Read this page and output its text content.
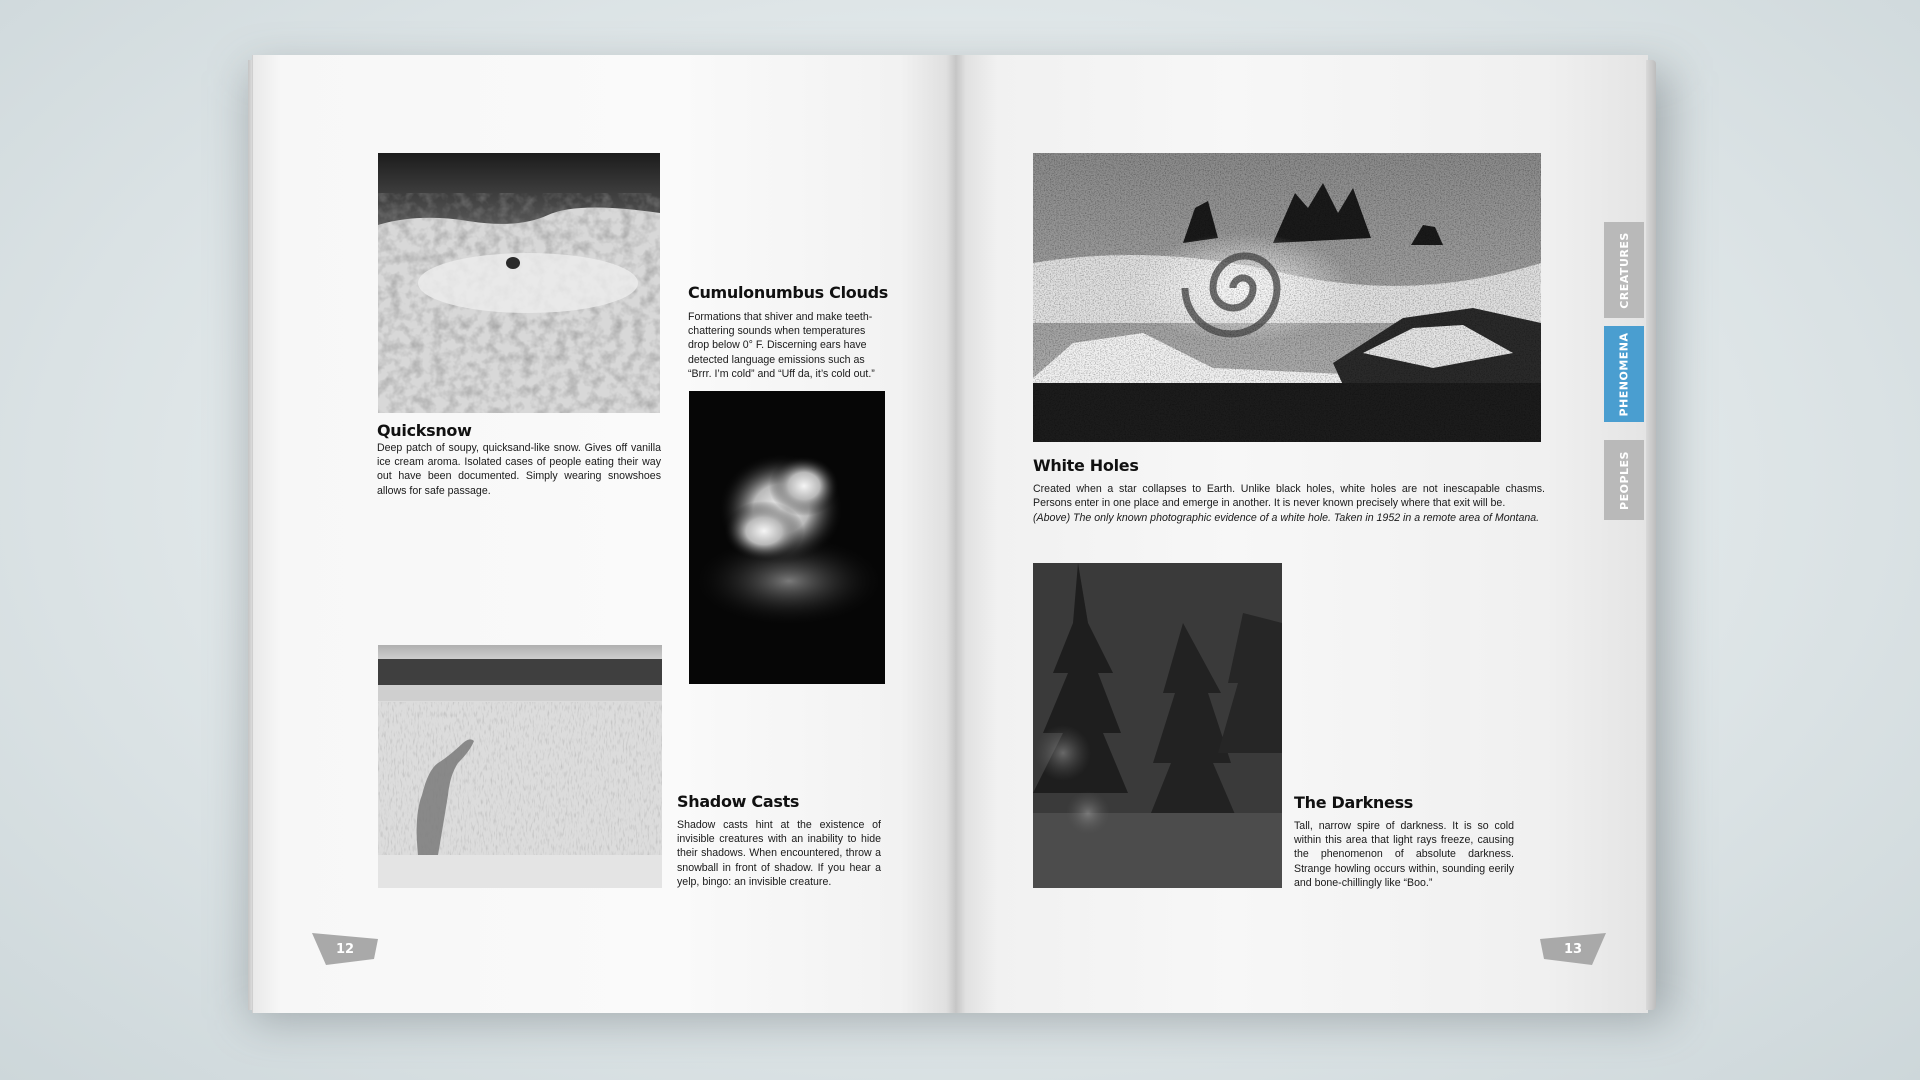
Quicksnow

Deep patch of soupy, quicksand-like snow. Gives off vanilla ice cream aroma. Isolated cases of people eating their way out have been documented. Simply wearing snowshoes allows for safe passage.

Cumulonumbus Clouds

Formations that shiver and make teeth-chattering sounds when temperatures drop below 0° F. Discerning ears have detected language emissions such as “Brrr. I’m cold” and “Uff da, it’s cold out.”

Shadow Casts

Shadow casts hint at the existence of invisible creatures with an inability to hide their shadows. When encountered, throw a snowball in front of shadow. If you hear a yelp, bingo: an invisible creature.

12
White Holes

Created when a star collapses to Earth. Unlike black holes, white holes are not inescapable chasms. Persons enter in one place and emerge in another. It is never known precisely where that exit will be.

(Above) The only known photographic evidence of a white hole. Taken in 1952 in a remote area of Montana.

The Darkness

Tall, narrow spire of darkness. It is so cold within this area that light rays freeze, causing the phenomenon of absolute darkness. Strange howling occurs within, sounding eerily and bone-chillingly like “Boo.”

13
CREATURES
PHENOMENA
PEOPLES
